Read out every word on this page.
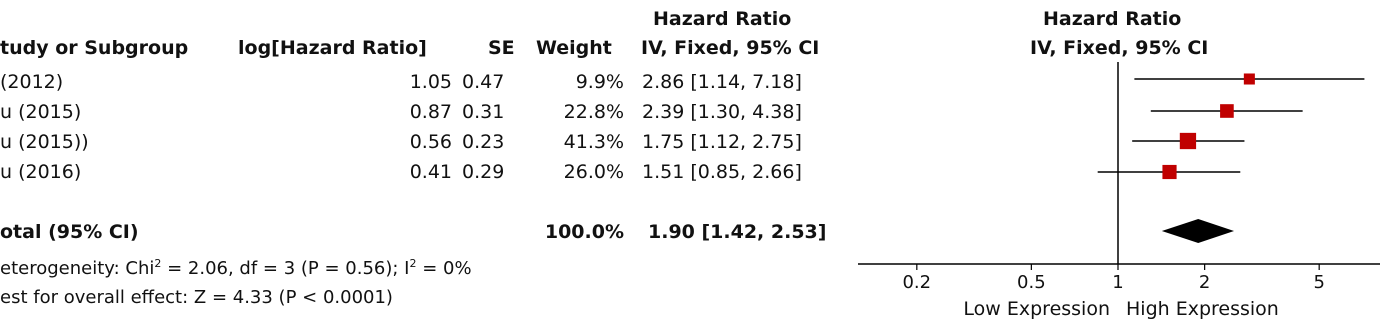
Hazard Ratio
tudy or Subgroup	log[Hazard Ratio]	SE Weight IV, Fixed, 95% CI
Hazard Ratio
IV, Fixed, 95% CI
(2012)	1.05 0.47	9.9% 2.86 [1.14, 7.18]
u (2015)	0.87 0.31	22.8% 2.39 [1.30, 4.38]
u (2015))	0.56 0.23	41.3% 1.75 [1.12, 2.75]
u (2016)	0.41 0.29	26.0% 1.51 [0.85, 2.66]
otal (95% CI)	100.0% 1.90 [1.42, 2.53]
eterogeneity: Chi$^2$ = 2.06, df = 3 (P = 0.56); $I^2 = 0\%$
est for overall effect: Z = 4.33 (P < 0.0001)
0.2	0.5	1	2	5
Low Expression High Expression
